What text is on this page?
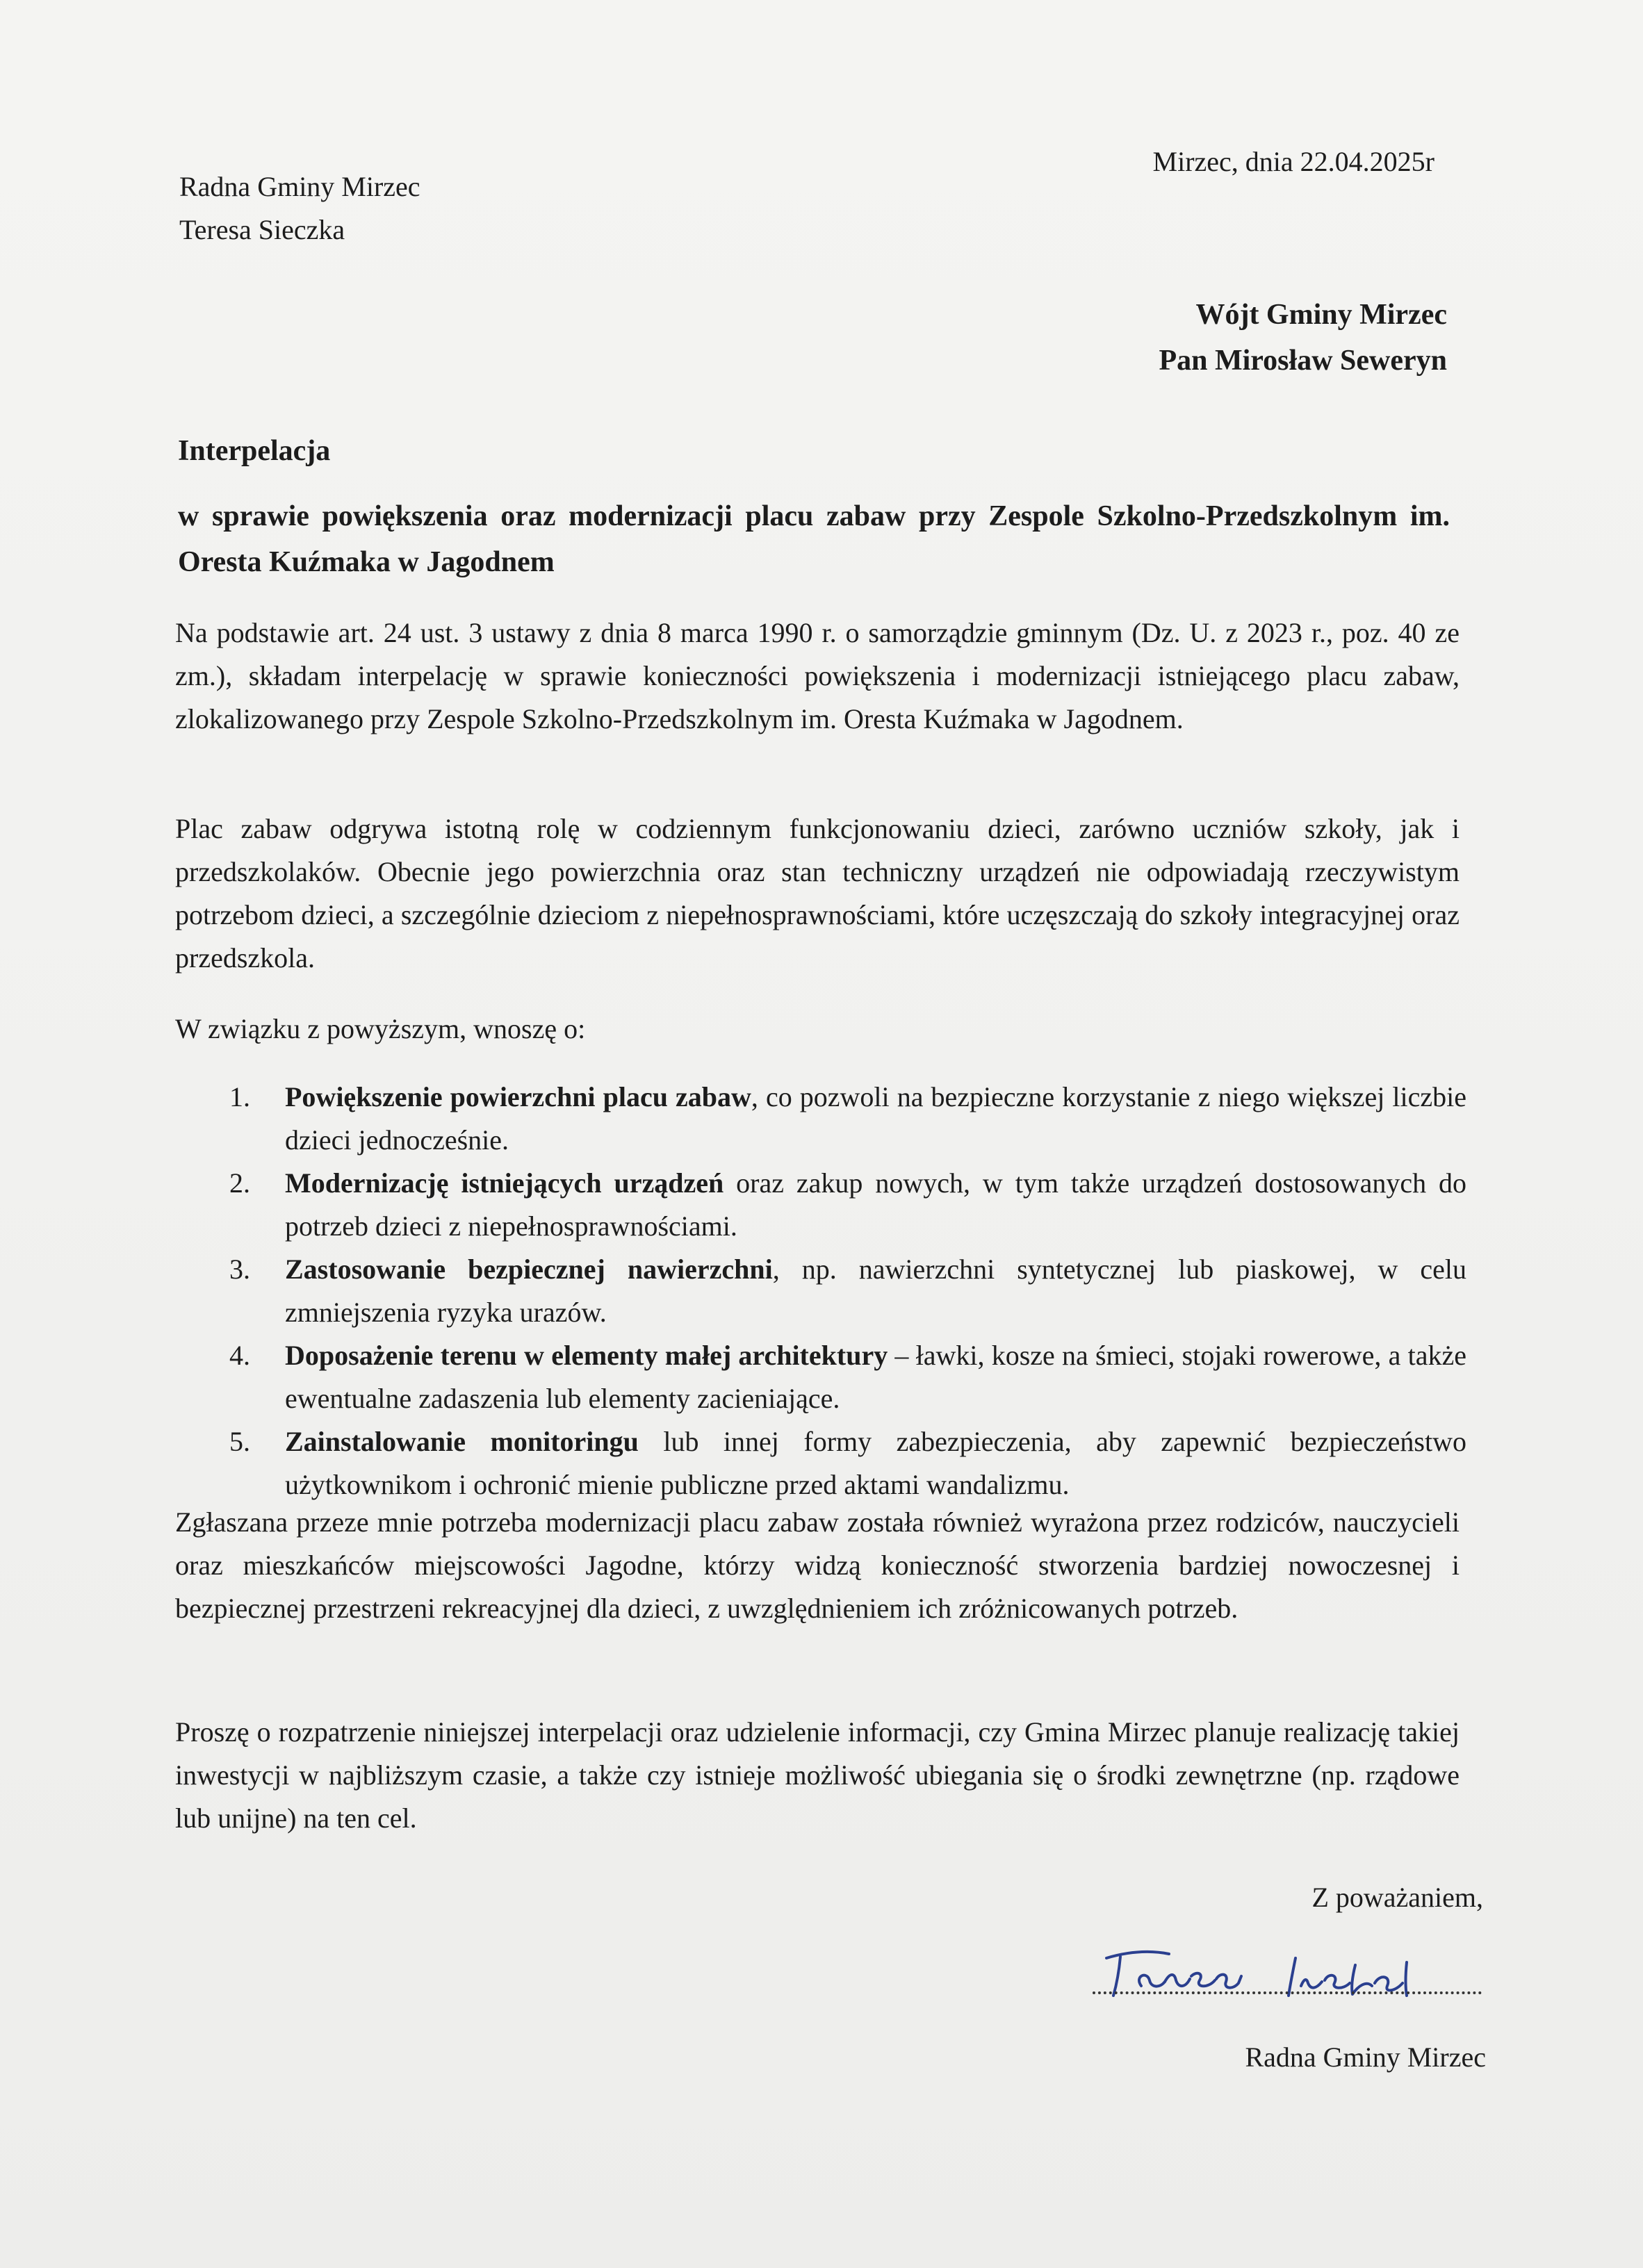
Radna Gminy Mirzec
Teresa Sieczka
Mirzec, dnia 22.04.2025r
Wójt Gminy Mirzec
Pan Mirosław Seweryn
Interpelacja
w sprawie powiększenia oraz modernizacji placu zabaw przy Zespole Szkolno-Przedszkolnym im. Oresta Kuźmaka w Jagodnem
Na podstawie art. 24 ust. 3 ustawy z dnia 8 marca 1990 r. o samorządzie gminnym (Dz. U. z 2023 r., poz. 40 ze zm.), składam interpelację w sprawie konieczności powiększenia i modernizacji istniejącego placu zabaw, zlokalizowanego przy Zespole Szkolno-Przedszkolnym im. Oresta Kuźmaka w Jagodnem.
Plac zabaw odgrywa istotną rolę w codziennym funkcjonowaniu dzieci, zarówno uczniów szkoły, jak i przedszkolaków. Obecnie jego powierzchnia oraz stan techniczny urządzeń nie odpowiadają rzeczywistym potrzebom dzieci, a szczególnie dzieciom z niepełnosprawnościami, które uczęszczają do szkoły integracyjnej oraz przedszkola.
W związku z powyższym, wnoszę o:
1.	Powiększenie powierzchni placu zabaw, co pozwoli na bezpieczne korzystanie z niego większej liczbie dzieci jednocześnie.
2.	Modernizację istniejących urządzeń oraz zakup nowych, w tym także urządzeń dostosowanych do potrzeb dzieci z niepełnosprawnościami.
3.	Zastosowanie bezpiecznej nawierzchni, np. nawierzchni syntetycznej lub piaskowej, w celu zmniejszenia ryzyka urazów.
4.	Doposażenie terenu w elementy małej architektury – ławki, kosze na śmieci, stojaki rowerowe, a także ewentualne zadaszenia lub elementy zacieniające.
5.	Zainstalowanie monitoringu lub innej formy zabezpieczenia, aby zapewnić bezpieczeństwo użytkownikom i ochronić mienie publiczne przed aktami wandalizmu.
Zgłaszana przeze mnie potrzeba modernizacji placu zabaw została również wyrażona przez rodziców, nauczycieli oraz mieszkańców miejscowości Jagodne, którzy widzą konieczność stworzenia bardziej nowoczesnej i bezpiecznej przestrzeni rekreacyjnej dla dzieci, z uwzględnieniem ich zróżnicowanych potrzeb.
Proszę o rozpatrzenie niniejszej interpelacji oraz udzielenie informacji, czy Gmina Mirzec planuje realizację takiej inwestycji w najbliższym czasie, a także czy istnieje możliwość ubiegania się o środki zewnętrzne (np. rządowe lub unijne) na ten cel.
Z poważaniem,
Radna Gminy Mirzec
